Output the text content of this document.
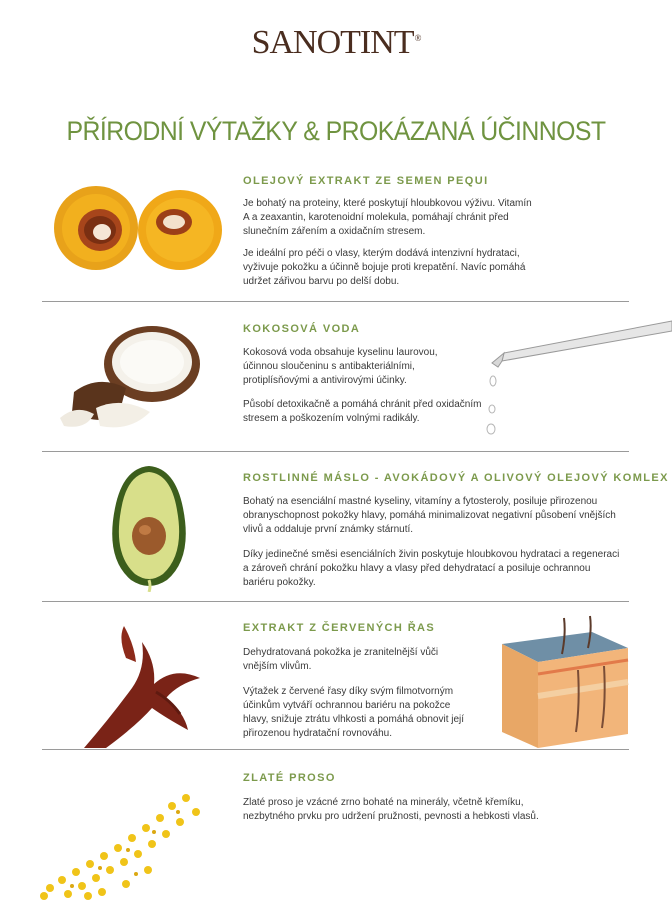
SANOTINT®
PŘÍRODNÍ VÝTAŽKY & PROKÁZANÁ ÚČINNOST
OLEJOVÝ EXTRAKT ZE SEMEN PEQUI

Je bohatý na proteiny, které poskytují hloubkovou výživu. Vitamín A a zeaxantin, karotenoidní molekula, pomáhají chránit před slunečním zářením a oxidačním stresem.

Je ideální pro péči o vlasy, kterým dodává intenzivní hydrataci, vyživuje pokožku a účinně bojuje proti krepatění. Navíc pomáhá udržet zářivou barvu po delší dobu.

KOKOSOVÁ VODA

Kokosová voda obsahuje kyselinu laurovou, účinnou sloučeninu s antibakteriálními, protiplísňovými a antivirovými účinky.

Působí detoxikačně a pomáhá chránit před oxidačním stresem a poškozením volnými radikály.

ROSTLINNÉ MÁSLO - AVOKÁDOVÝ A OLIVOVÝ OLEJOVÝ KOMLEX

Bohatý na esenciální mastné kyseliny, vitamíny a fytosteroly, posiluje přirozenou obranyschopnost pokožky hlavy, pomáhá minimalizovat negativní působení vnějších vlivů a oddaluje první známky stárnutí.

Díky jedinečné směsi esenciálních živin poskytuje hloubkovou hydrataci a regeneraci a zároveň chrání pokožku hlavy a vlasy před dehydratací a posiluje ochrannou bariéru pokožky.

EXTRAKT Z ČERVENÝCH ŘAS

Dehydratovaná pokožka je zranitelnější vůči vnějším vlivům.

Výtažek z červené řasy díky svým filmotvorným účinkům vytváří ochrannou bariéru na pokožce hlavy, snižuje ztrátu vlhkosti a pomáhá obnovit její přirozenou hydratační rovnováhu.

ZLATÉ PROSO

Zlaté proso je vzácné zrno bohaté na minerály, včetně křemíku, nezbytného prvku pro udržení pružnosti, pevnosti a hebkosti vlasů.
